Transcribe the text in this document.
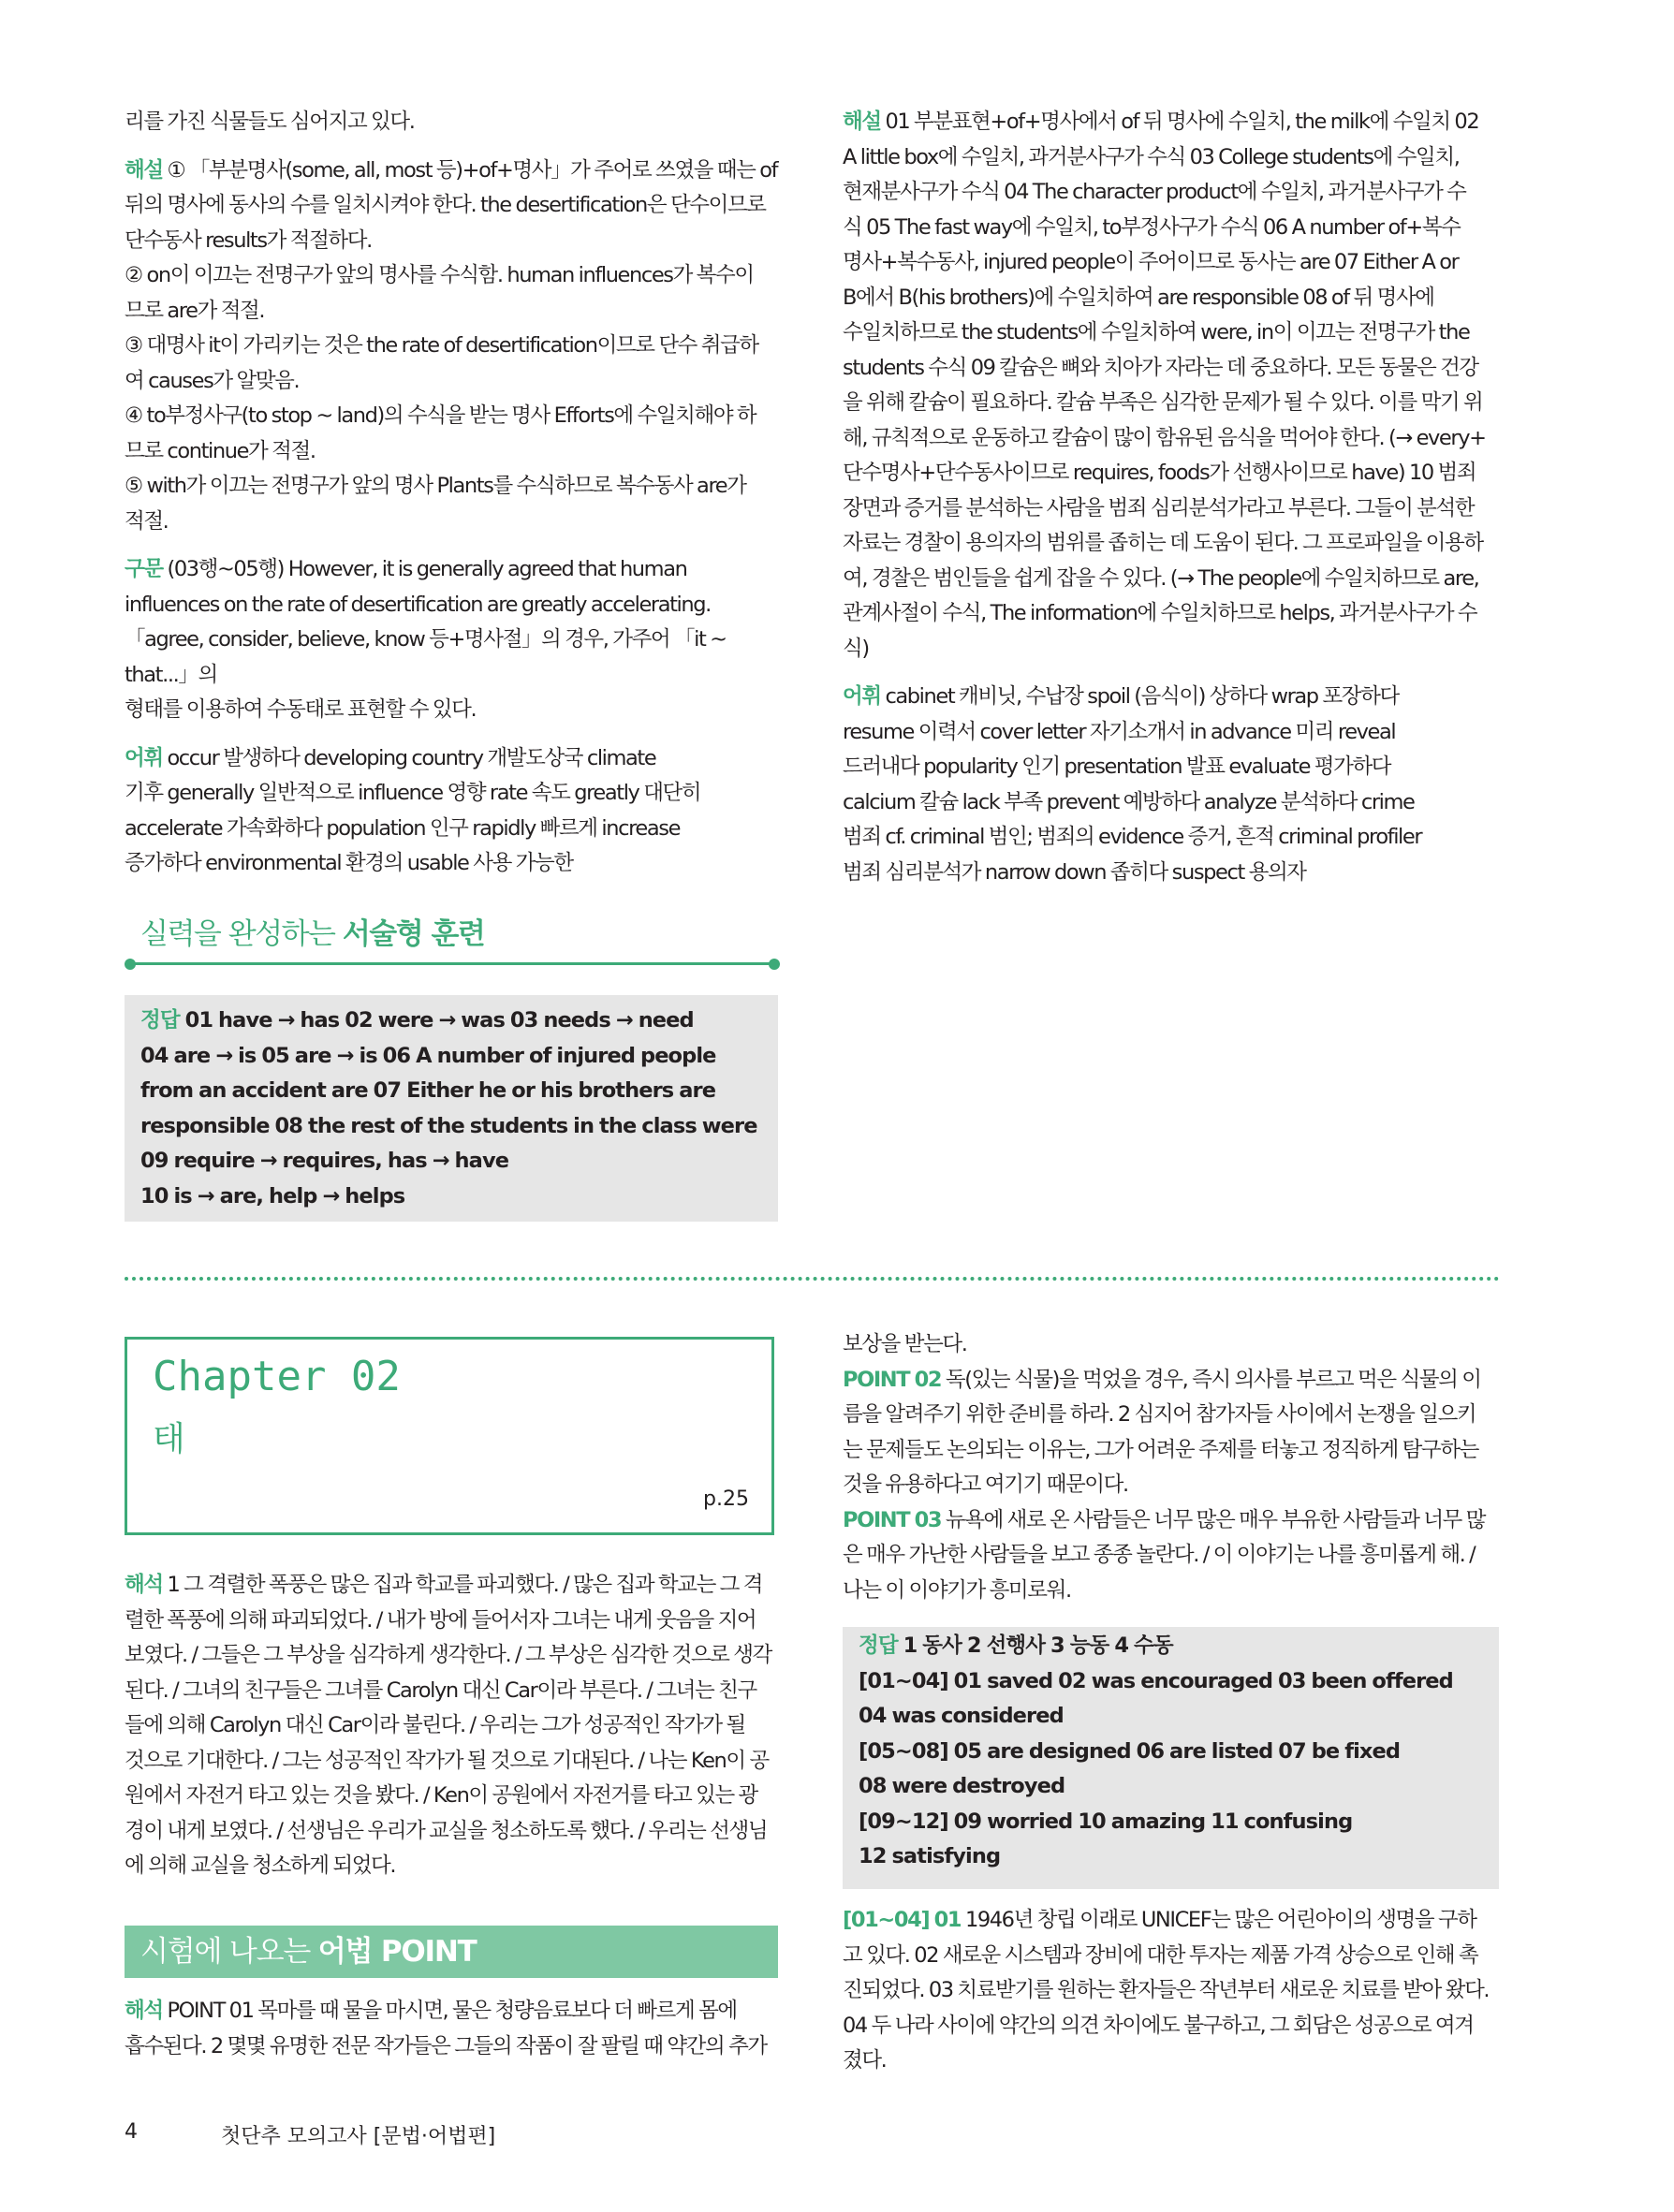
리를 가진 식물들도 심어지고 있다.

해설 ① 「부분명사(some, all, most 등)+of+명사」가 주어로 쓰였을 때는 of

뒤의 명사에 동사의 수를 일치시켜야 한다. the desertification은 단수이므로

단수동사 results가 적절하다.

② on이 이끄는 전명구가 앞의 명사를 수식함. human influences가 복수이

므로 are가 적절.

③ 대명사 it이 가리키는 것은 the rate of desertification이므로 단수 취급하

여 causes가 알맞음.

④ to부정사구(to stop ~ land)의 수식을 받는 명사 Efforts에 수일치해야 하

므로 continue가 적절.

⑤ with가 이끄는 전명구가 앞의 명사 Plants를 수식하므로 복수동사 are가

적절.

구문 (03행~05행) However, it is generally agreed that human

influences on the rate of desertification are greatly accelerating.

「agree, consider, believe, know 등+명사절」의 경우, 가주어 「it ~ that...」의

형태를 이용하여 수동태로 표현할 수 있다.

어휘 occur 발생하다 developing country 개발도상국 climate

기후 generally 일반적으로 influence 영향 rate 속도 greatly 대단히

accelerate 가속화하다 population 인구 rapidly 빠르게 increase

증가하다 environmental 환경의 usable 사용 가능한

해설 01 부분표현+of+명사에서 of 뒤 명사에 수일치, the milk에 수일치 02

A little box에 수일치, 과거분사구가 수식 03 College students에 수일치,

현재분사구가 수식 04 The character product에 수일치, 과거분사구가 수

식 05 The fast way에 수일치, to부정사구가 수식 06 A number of+복수

명사+복수동사, injured people이 주어이므로 동사는 are 07 Either A or

B에서 B(his brothers)에 수일치하여 are responsible 08 of 뒤 명사에

수일치하므로 the students에 수일치하여 were, in이 이끄는 전명구가 the

students 수식 09 칼슘은 뼈와 치아가 자라는 데 중요하다. 모든 동물은 건강

을 위해 칼슘이 필요하다. 칼슘 부족은 심각한 문제가 될 수 있다. 이를 막기 위

해, 규칙적으로 운동하고 칼슘이 많이 함유된 음식을 먹어야 한다. (→ every+

단수명사+단수동사이므로 requires, foods가 선행사이므로 have) 10 범죄

장면과 증거를 분석하는 사람을 범죄 심리분석가라고 부른다. 그들이 분석한

자료는 경찰이 용의자의 범위를 좁히는 데 도움이 된다. 그 프로파일을 이용하

여, 경찰은 범인들을 쉽게 잡을 수 있다. (→ The people에 수일치하므로 are,

관계사절이 수식, The information에 수일치하므로 helps, 과거분사구가 수

식)

어휘 cabinet 캐비닛, 수납장 spoil (음식이) 상하다 wrap 포장하다

resume 이력서 cover letter 자기소개서 in advance 미리 reveal

드러내다 popularity 인기 presentation 발표 evaluate 평가하다

calcium 칼슘 lack 부족 prevent 예방하다 analyze 분석하다 crime

범죄 cf. criminal 범인; 범죄의 evidence 증거, 흔적 criminal profiler

범죄 심리분석가 narrow down 좁히다 suspect 용의자

실력을 완성하는 서술형 훈련

정답 01 have → has 02 were → was 03 needs → need

04 are → is 05 are → is 06 A number of injured people

from an accident are 07 Either he or his brothers are

responsible 08 the rest of the students in the class were

09 require → requires, has → have

10 is → are, help → helps

Chapter 02
태
p.25

해석 1 그 격렬한 폭풍은 많은 집과 학교를 파괴했다. / 많은 집과 학교는 그 격

렬한 폭풍에 의해 파괴되었다. / 내가 방에 들어서자 그녀는 내게 웃음을 지어

보였다. / 그들은 그 부상을 심각하게 생각한다. / 그 부상은 심각한 것으로 생각

된다. / 그녀의 친구들은 그녀를 Carolyn 대신 Car이라 부른다. / 그녀는 친구

들에 의해 Carolyn 대신 Car이라 불린다. / 우리는 그가 성공적인 작가가 될

것으로 기대한다. / 그는 성공적인 작가가 될 것으로 기대된다. / 나는 Ken이 공

원에서 자전거 타고 있는 것을 봤다. / Ken이 공원에서 자전거를 타고 있는 광

경이 내게 보였다. / 선생님은 우리가 교실을 청소하도록 했다. / 우리는 선생님

에 의해 교실을 청소하게 되었다.

시험에 나오는 어법 POINT

해석 POINT 01 목마를 때 물을 마시면, 물은 청량음료보다 더 빠르게 몸에

흡수된다. 2 몇몇 유명한 전문 작가들은 그들의 작품이 잘 팔릴 때 약간의 추가

보상을 받는다.

POINT 02 독(있는 식물)을 먹었을 경우, 즉시 의사를 부르고 먹은 식물의 이

름을 알려주기 위한 준비를 하라. 2 심지어 참가자들 사이에서 논쟁을 일으키

는 문제들도 논의되는 이유는, 그가 어려운 주제를 터놓고 정직하게 탐구하는

것을 유용하다고 여기기 때문이다.

POINT 03 뉴욕에 새로 온 사람들은 너무 많은 매우 부유한 사람들과 너무 많

은 매우 가난한 사람들을 보고 종종 놀란다. / 이 이야기는 나를 흥미롭게 해. /

나는 이 이야기가 흥미로워.

정답 1 동사 2 선행사 3 능동 4 수동

[01~04] 01 saved 02 was encouraged 03 been offered

04 was considered

[05~08] 05 are designed 06 are listed 07 be fixed

08 were destroyed

[09~12] 09 worried 10 amazing 11 confusing

12 satisfying

[01~04] 01 1946년 창립 이래로 UNICEF는 많은 어린아이의 생명을 구하

고 있다. 02 새로운 시스템과 장비에 대한 투자는 제품 가격 상승으로 인해 촉

진되었다. 03 치료받기를 원하는 환자들은 작년부터 새로운 치료를 받아 왔다.

04 두 나라 사이에 약간의 의견 차이에도 불구하고, 그 회담은 성공으로 여겨

졌다.

4	첫단추 모의고사 [문법·어법편]
